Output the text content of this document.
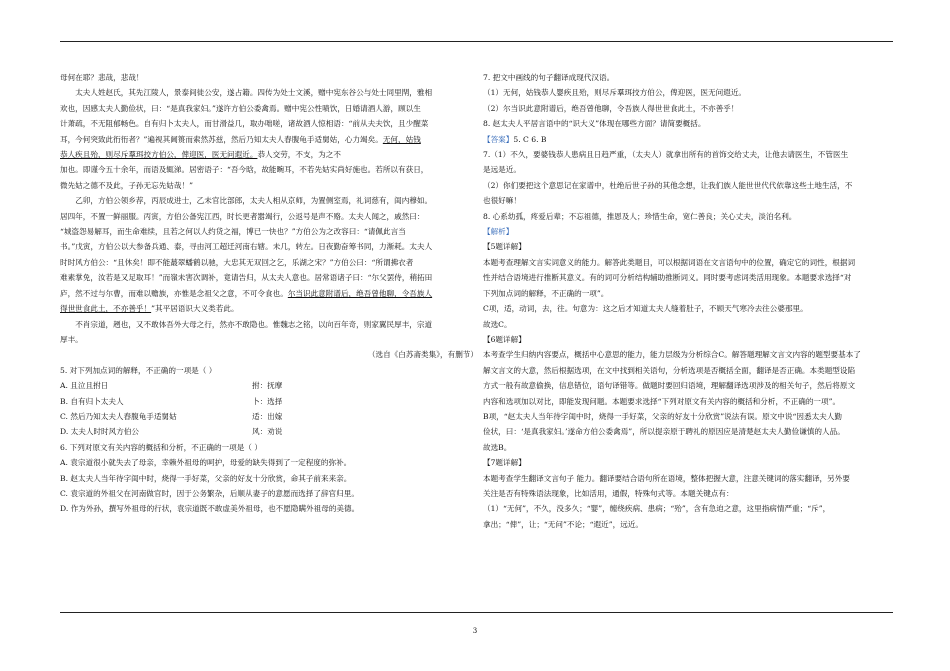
母何在耶？悲哉，悲哉！

太夫人姓赵氏，其先江陵人，景泰间徙公安，遂占籍。四传为处士文溪，赠中宪东谷公与处士同里閈，雅相

欢也，因感太夫人勤俭状，曰：“是真我家妇。”遂许方伯公委禽焉。赠中宪公性啧饮，日婚请酒人游，顾以生

计萧疏，不无阻郁畅色。自有归卜太夫人，而甘滑益几，取办咄嗟，诸故酒人惊相语：“前从夫夫饮，且少醒菜

耳，今何突致此衎衎者？”遍视其阃篑而索然苏兹，然后乃知太夫人舂腹龟手适舅姑，心力竭矣。无何，姑钱

恭人疾且殆，则尽斥羣珥挍方伯公，俾迎医，医无问遐近。恭人交劳，不支，为之不

加也。即谨今五十余年，而语及辄涕。居密语子：“吾今晗，故能畹耳，不若先姑实尚好施也。若所以有获日，

微先姑之德不及此，子孙无忘先姑哉！”

乙卯，方伯公领乡荐，丙辰成进士，乙未官比部郎，太夫人相从京师，为置侧室焉，礼词慈有，闺内穆如。

居四年，不置一鲜丽服。丙寅，方伯公备宪江西，时长更者嚣竭行，公返号是声不赂。太夫人闻之，戚然曰：

“城盗怨易解耳，而生命难续，且若之何以人约货之福，博已一快也？”方伯公为之改容曰：“请佩此言当

书。”戊寅，方伯公以大参备兵通、泰，寻由河工超迁河南右辖。未几，转左。日夜勤奋筹书同，力渐耗。太夫人

时时风方伯公：“且休矣！即不能蕞翠蟠鹤以驰，大忠其无双回之乞，乐湖之宋？”方伯公曰：“所谓拂衣者

难素掌免，汝若是又足取耳！”而嶺未害次调补，竟请告归，从太夫人意也。居常语诸子曰：“尔父罢侍，稍拓田

庐，然不过与尔曹，而难以赡族，亦惟是念祖父之意，不可令食也。尔当识此意附谱后，绝吾曾他聊，令吾族人

得世世食此土，不亦善乎！”其平居语识大义类若此。

不肖宗道，趔也，又不敢体吾外大母之行，然亦不敢隐也。惟魏志之铭，以向百年奇，则家翼民厚丰，宗道

厚丰。

（选自《白苏斋类集》，有删节）

5. 对下列加点词的解释，不正确的一项是（ ）

A. 且泣且拊日	拊：抚摩

B. 自有归卜太夫人	卜：选择

C. 然后乃知太夫人舂腹龟手适舅姑	适：出嫁

D. 太夫人时时风方伯公	风：劝说

6. 下列对原文有关内容的概括和分析，不正确的一项是（ ）

A. 袁宗道很小就失去了母亲，幸赖外祖母的呵护，母爱的缺失得到了一定程度的弥补。

B. 赵太夫人当年待字闺中时，烧得一手好菜，父亲的好友十分欣赏，命其子前来来亲。

C. 袁宗道的外祖父在河南做官时，因于公务繁杂，后顺从妻子的意愿而选择了辞官归里。

D. 作为外孙，撰写外祖母的行状，袁宗道既不敢虚美外祖母，也不愿隐瞒外祖母的美德。

7. 把文中画线的句子翻译成现代汉语。

（1）无何，姑钱恭人婴疾且殆，则尽斥羣珥挍方伯公，俾迎医，医无问遐近。

（2）尔当识此意附谱后，绝吾曾他聊，令吾族人得世世食此土，不亦善乎！

8. 赵太夫人平居言语中的“识大义”体现在哪些方面？请简要概括。

【答案】5. C 6. B

7.（1）不久，要婆钱恭人患病且日趋严重，（太夫人）就拿出所有的首饰交给丈夫，让他去请医生，不管医生

是远是近。

（2）你们要把这个意思记在家谱中，杜绝后世子孙的其他念想，让我们族人能世世代代依靠这些土地生活，不

也很好嘛！

8. 心系幼孤，疼爱后辈；不忘祖德，推恩及人；珍惜生命，宽仁善良；关心丈夫，淡泊名利。

【解析】

【5题详解】

本题考查理解文言实词意义的能力。解答此类题目，可以根据词语在文言语句中的位置，确定它的词性，根据词

性并结合语境进行推断其意义。有的词可分析结构辅助推断词义。同时要考虑词类活用现象。本题要求选择“对

下列加点词的解释，不正确的一项”。

C项，适，动词，去，往。句意为：这之后才知道太夫人缝着肚子，不顾天气寒冷去往公婆那里。

故选C。

【6题详解】

本考查学生归纳内容要点，概括中心意思的能力，能力层级为分析综合C。解答题理解文言文内容的题型要基本了

解文言文的大意，然后根据选项，在文中找到相关语句，分析选项是否概括全面，翻译是否正确。本类题型设陷

方式一般有故意偷换，信息错位，语句译错等。做题时要回归语境，理解翻译选项涉及的相关句子，然后将原文

内容和选项加以对比，即能发现问题。本题要求选择“下列对原文有关内容的概括和分析，不正确的一项”。

B项，“赵太夫人当年待字闺中时，烧得一手好菜，父亲的好友十分欣赏”说法有误。原文中说“因悉太夫人勤

俭状，曰：‘是真我家妇。’遂命方伯公委禽焉”，所以提亲原于聘礼的原因应是清楚赵太夫人勤俭谦慎的人品。

故选B。

【7题详解】

本题考查学生翻译文言句子 能力。翻译要结合语句所在语境，整体把握大意，注意关键词的落实翻译，另外要

关注是否有特殊语法现象，比如活用，通假，特殊句式等。本题关键点有：

（1）“无何”，不久，没多久；“婴”，缠绕疾病、患病；“殆”，含有急迫之意，这里指病情严重；“斥”，

拿出；“俾”，让；“无问”不论；“遐近”，远近。

3
